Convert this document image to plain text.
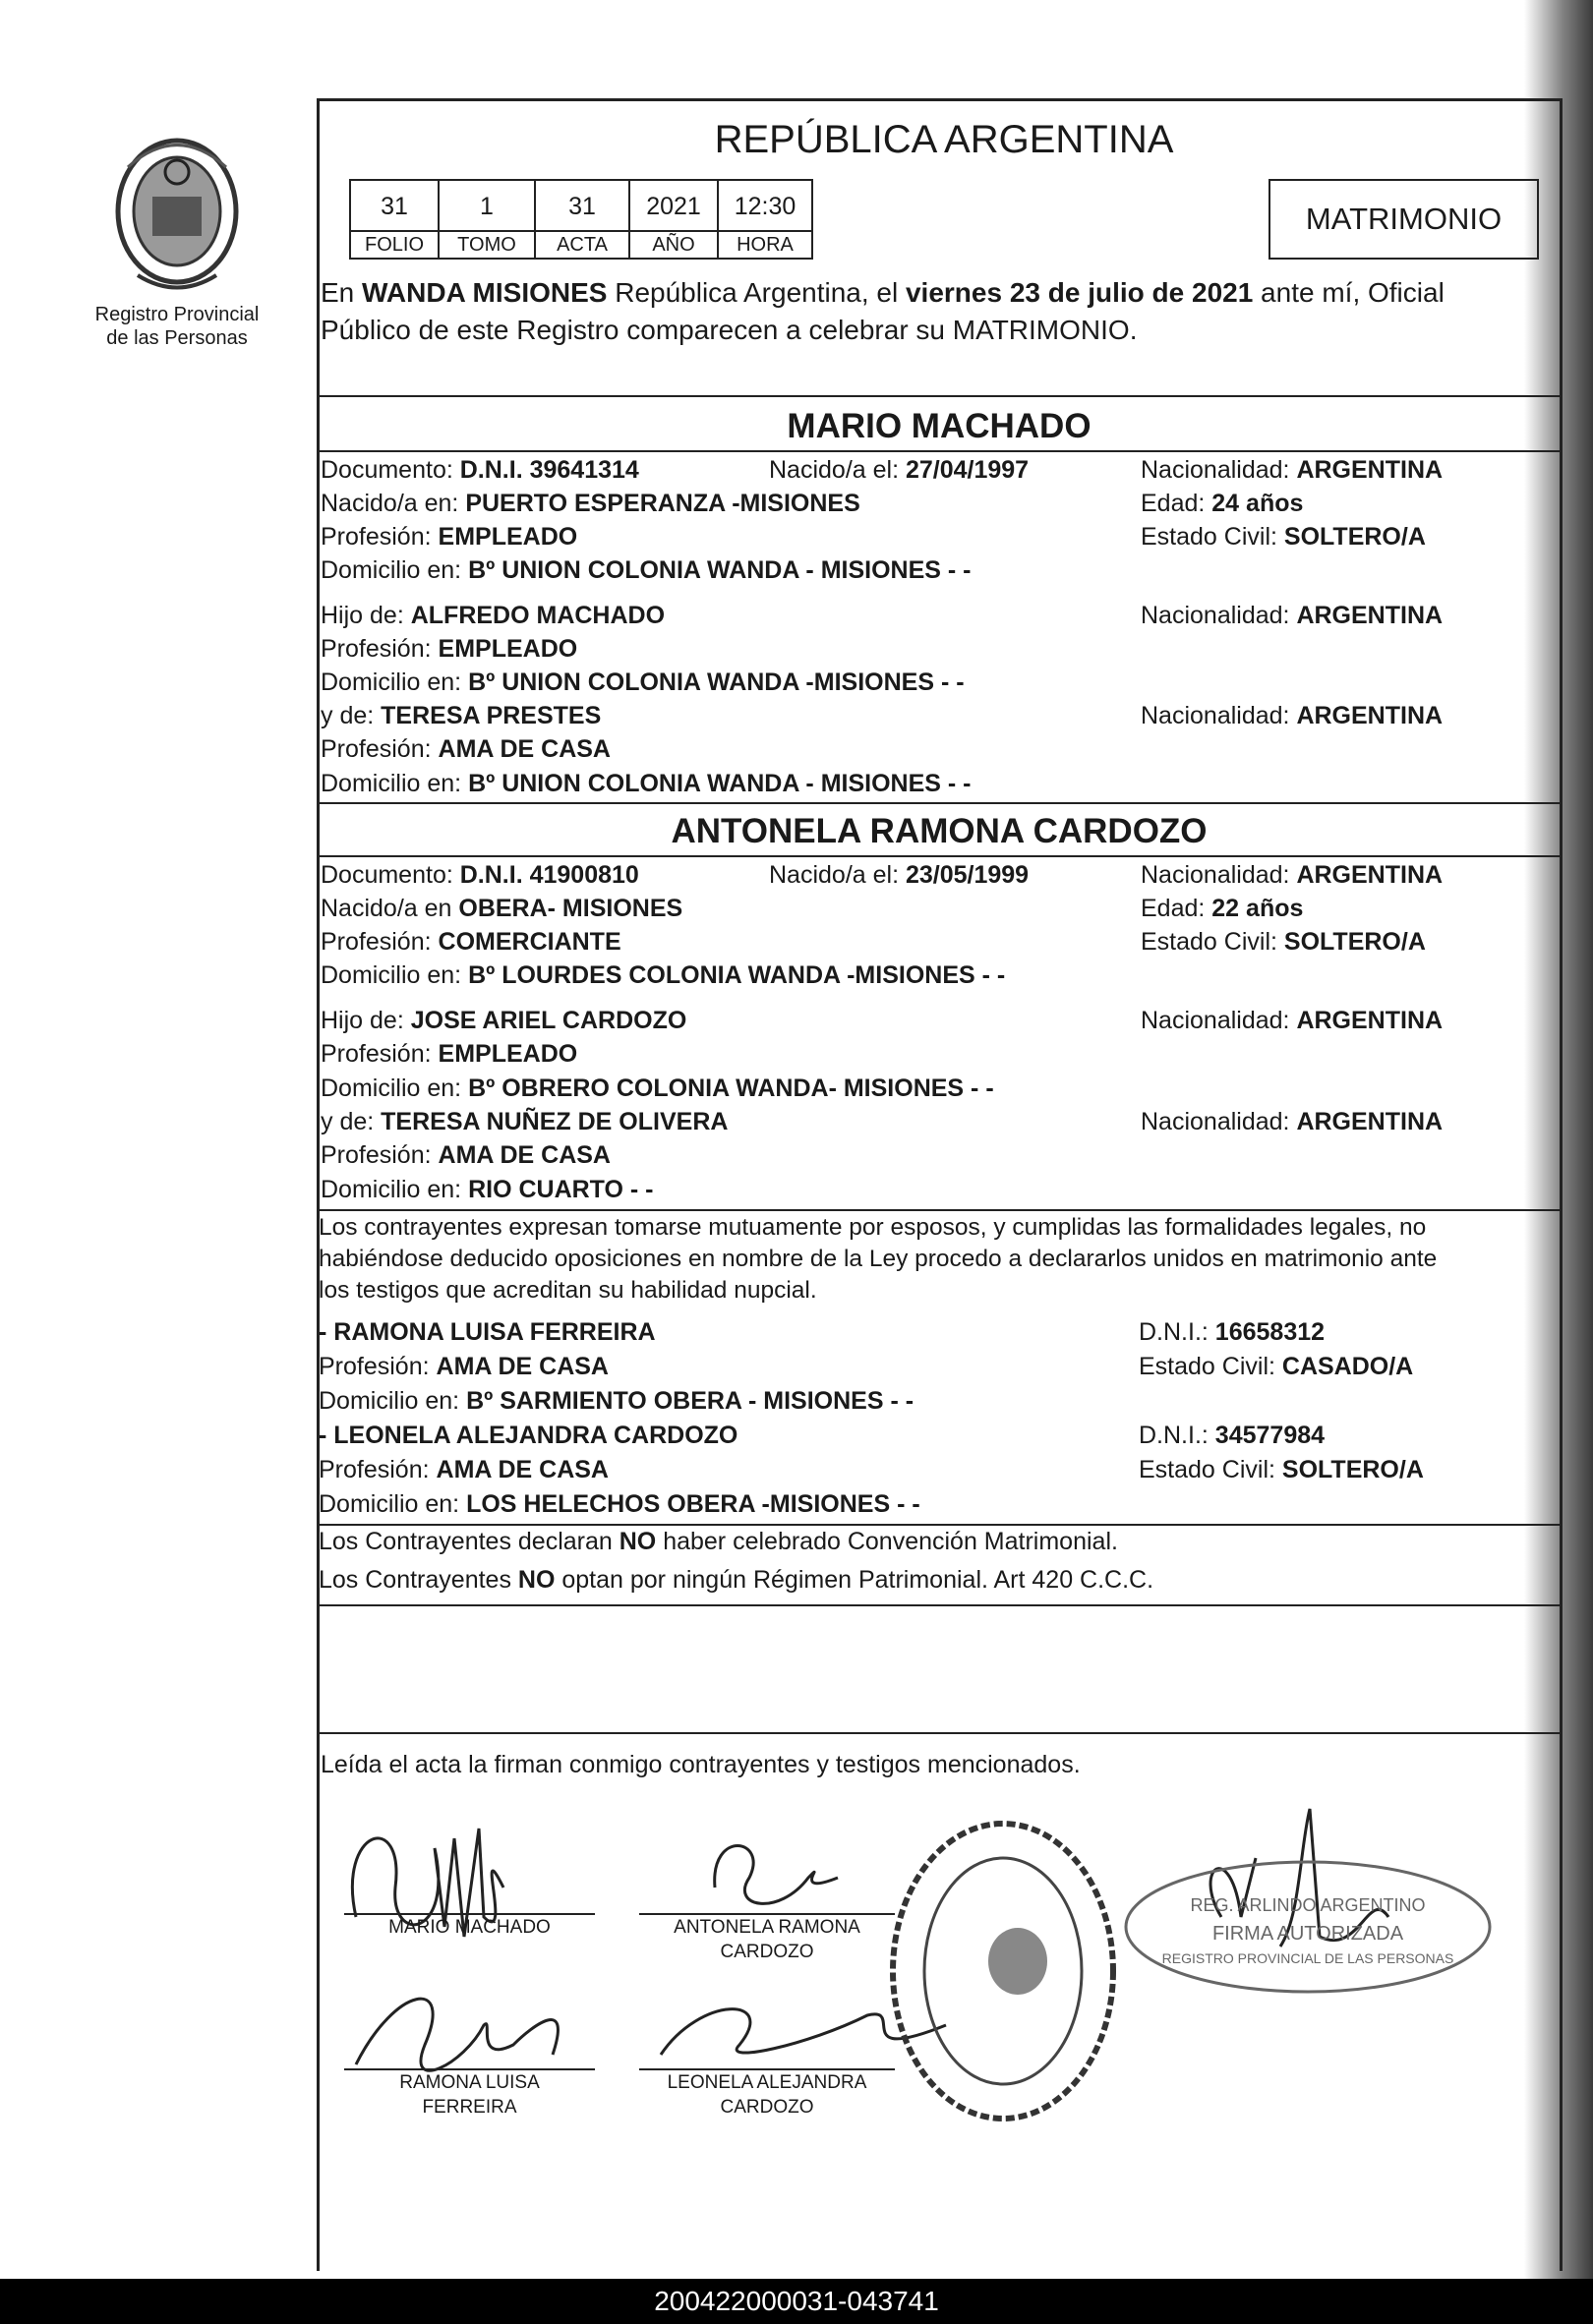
Registro Provincial
de las Personas
REPÚBLICA ARGENTINA
31	1	31	2021	12:30
FOLIO	TOMO	ACTA	AÑO	HORA
MATRIMONIO
En WANDA MISIONES República Argentina, el viernes 23 de julio de 2021 ante mí, Oficial
Público de este Registro comparecen a celebrar su MATRIMONIO.
MARIO MACHADO
Documento: D.N.I. 39641314	Nacido/a el: 27/04/1997	Nacionalidad: ARGENTINA
Nacido/a en: PUERTO ESPERANZA -MISIONES	Edad: 24 años
Profesión: EMPLEADO	Estado Civil: SOLTERO/A
Domicilio en: Bº UNION COLONIA WANDA - MISIONES - -
Hijo de: ALFREDO MACHADO	Nacionalidad: ARGENTINA
Profesión: EMPLEADO
Domicilio en: Bº UNION COLONIA WANDA -MISIONES - -
y de: TERESA PRESTES	Nacionalidad: ARGENTINA
Profesión: AMA DE CASA
Domicilio en: Bº UNION COLONIA WANDA - MISIONES - -
ANTONELA RAMONA CARDOZO
Documento: D.N.I. 41900810	Nacido/a el: 23/05/1999	Nacionalidad: ARGENTINA
Nacido/a en OBERA- MISIONES	Edad: 22 años
Profesión: COMERCIANTE	Estado Civil: SOLTERO/A
Domicilio en: Bº LOURDES COLONIA WANDA -MISIONES - -
Hijo de: JOSE ARIEL CARDOZO	Nacionalidad: ARGENTINA
Profesión: EMPLEADO
Domicilio en: Bº OBRERO COLONIA WANDA- MISIONES - -
y de: TERESA NUÑEZ DE OLIVERA	Nacionalidad: ARGENTINA
Profesión: AMA DE CASA
Domicilio en: RIO CUARTO - -
Los contrayentes expresan tomarse mutuamente por esposos, y cumplidas las formalidades legales, no
habiéndose deducido oposiciones en nombre de la Ley procedo a declararlos unidos en matrimonio ante
los testigos que acreditan su habilidad nupcial.
- RAMONA LUISA FERREIRA	D.N.I.: 16658312
Profesión: AMA DE CASA	Estado Civil: CASADO/A
Domicilio en: Bº SARMIENTO OBERA - MISIONES - -
- LEONELA ALEJANDRA CARDOZO	D.N.I.: 34577984
Profesión: AMA DE CASA	Estado Civil: SOLTERO/A
Domicilio en: LOS HELECHOS OBERA -MISIONES - -
Los Contrayentes declaran NO haber celebrado Convención Matrimonial.
Los Contrayentes NO optan por ningún Régimen Patrimonial. Art 420 C.C.C.
Leída el acta la firman conmigo contrayentes y testigos mencionados.
REG. ARLINDO ARGENTINO
FIRMA AUTORIZADA
REGISTRO PROVINCIAL DE LAS PERSONAS
MARIO MACHADO	ANTONELA RAMONA
CARDOZO
RAMONA LUISA
FERREIRA
LEONELA ALEJANDRA
CARDOZO
200422000031-043741
